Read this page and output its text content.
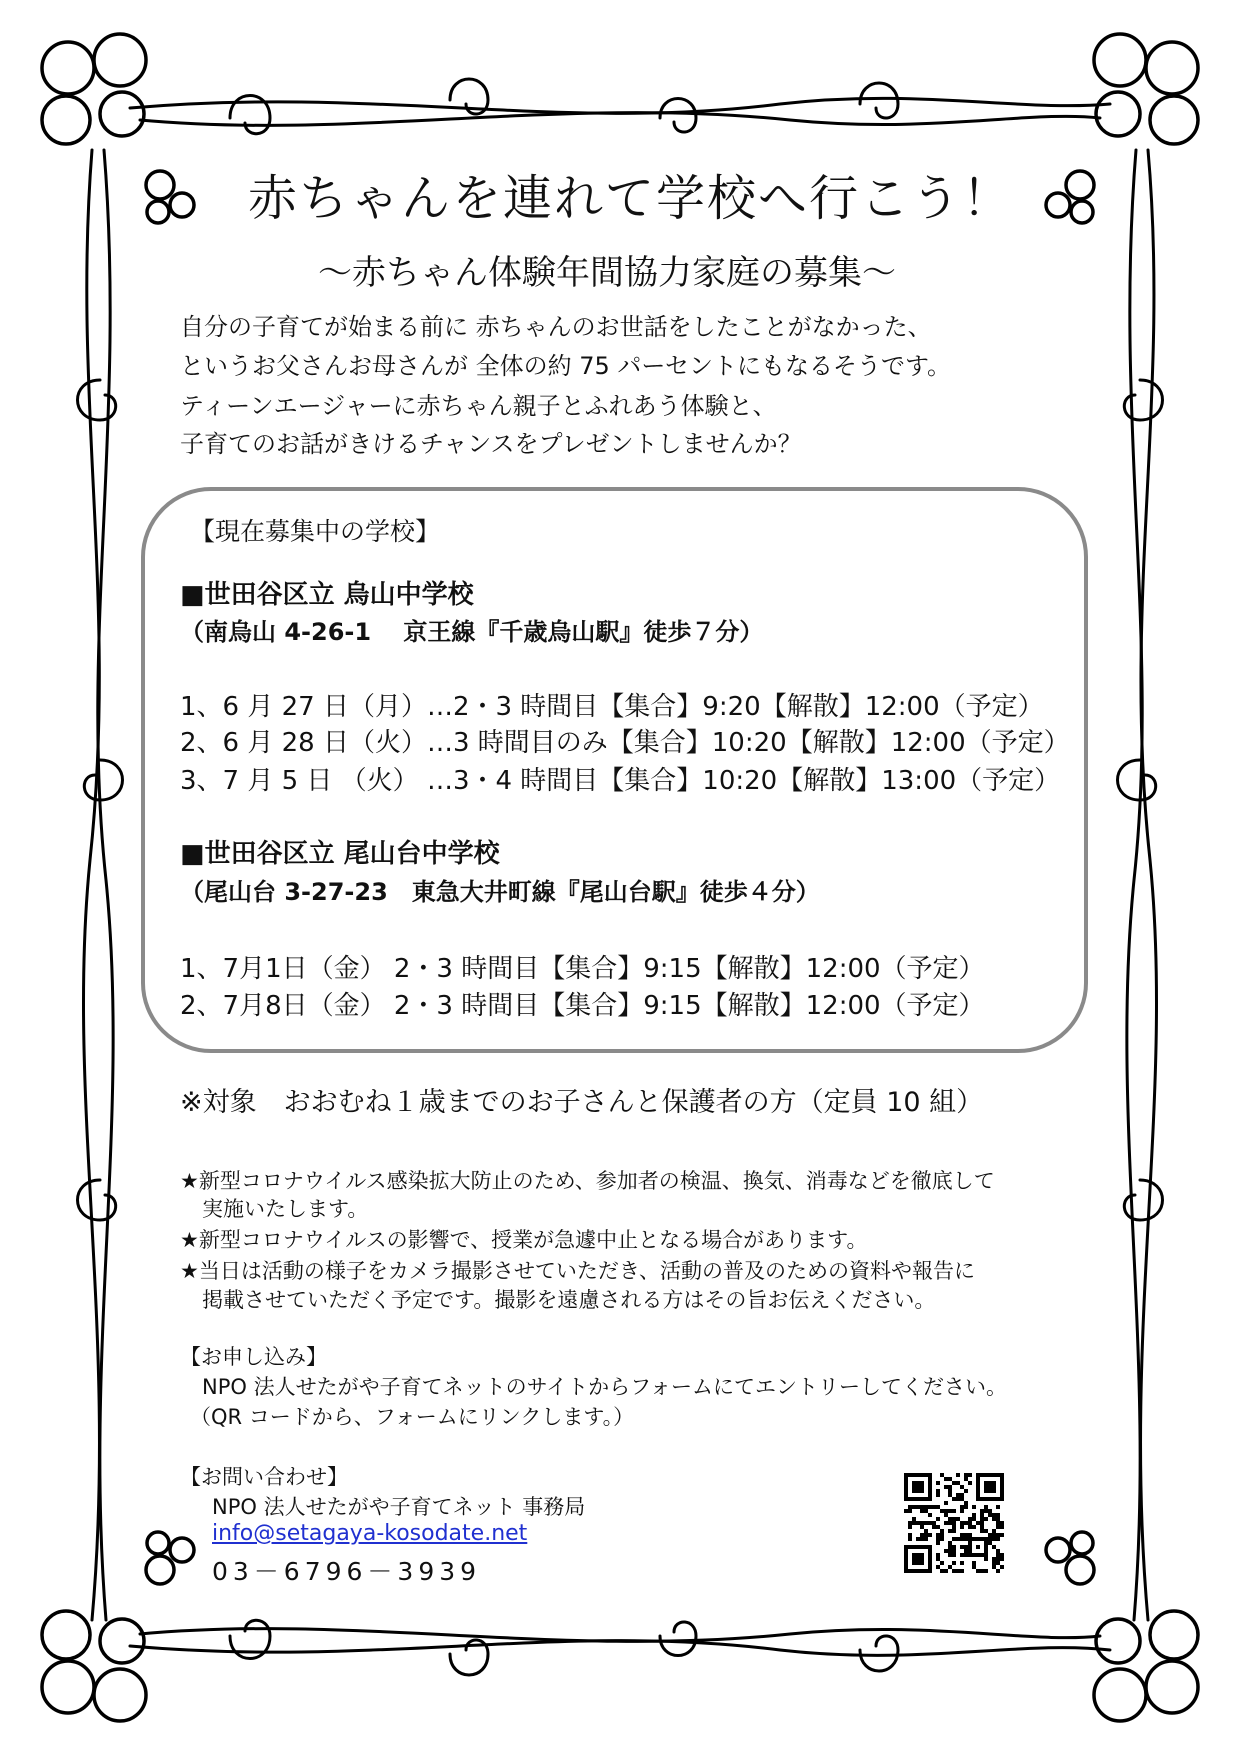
赤ちゃんを連れて学校へ行こう！
～赤ちゃん体験年間協力家庭の募集～
自分の子育てが始まる前に 赤ちゃんのお世話をしたことがなかった、
というお父さんお母さんが 全体の約 75 パーセントにもなるそうです。
ティーンエージャーに赤ちゃん親子とふれあう体験と、
子育てのお話がきけるチャンスをプレゼントしませんか？
【現在募集中の学校】
■世田谷区立 烏山中学校
（南烏山 4-26-1　 京王線『千歳烏山駅』徒歩７分）
1、6 月 27 日（月）…2・3 時間目【集合】9:20【解散】12:00（予定）
2、6 月 28 日（火）…3 時間目のみ【集合】10:20【解散】12:00（予定）
3、7 月 5 日 （火） …3・4 時間目【集合】10:20【解散】13:00（予定）
■世田谷区立 尾山台中学校
（尾山台 3-27-23　東急大井町線『尾山台駅』徒歩４分）
1、7月1日（金） 2・3 時間目【集合】9:15【解散】12:00（予定）
2、7月8日（金） 2・3 時間目【集合】9:15【解散】12:00（予定）
※対象　おおむね１歳までのお子さんと保護者の方（定員 10 組）
★新型コロナウイルス感染拡大防止のため、参加者の検温、換気、消毒などを徹底して
実施いたします。
★新型コロナウイルスの影響で、授業が急遽中止となる場合があります。
★当日は活動の様子をカメラ撮影させていただき、活動の普及のための資料や報告に
掲載させていただく予定です。撮影を遠慮される方はその旨お伝えください。
【お申し込み】
NPO 法人せたがや子育てネットのサイトからフォームにてエントリーしてください。
（QR コードから、フォームにリンクします。）
【お問い合わせ】
NPO 法人せたがや子育てネット 事務局
info@setagaya-kosodate.net
03－6796－3939
